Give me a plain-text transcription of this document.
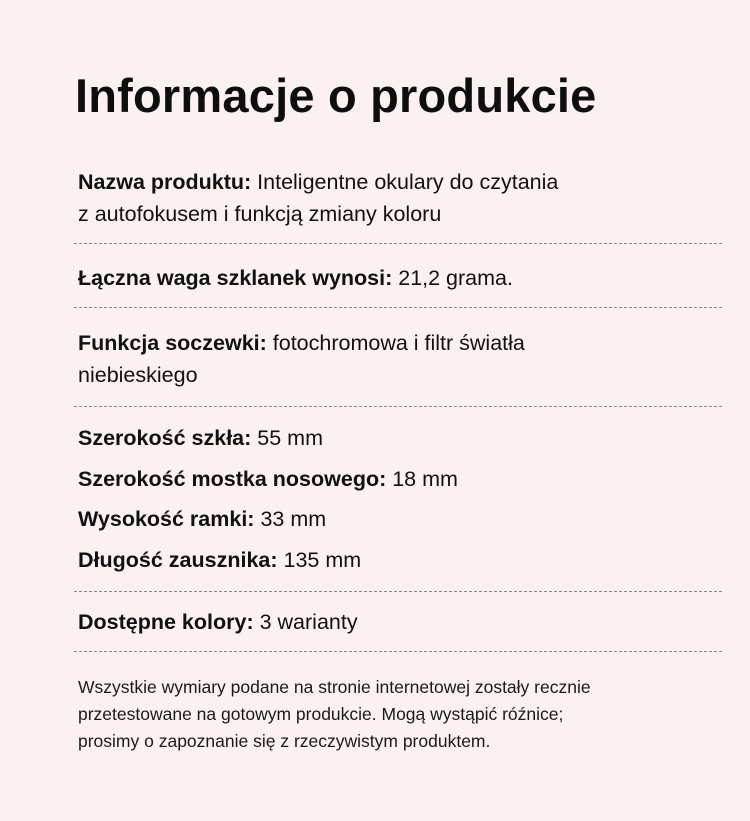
Informacje o produkcie
Nazwa produktu: Inteligentne okulary do czytania
z autofokusem i funkcją zmiany koloru
Łączna waga szklanek wynosi: 21,2 grama.
Funkcja soczewki: fotochromowa i filtr światła
niebieskiego
Szerokość szkła: 55 mm
Szerokość mostka nosowego: 18 mm
Wysokość ramki: 33 mm
Długość zausznika: 135 mm
Dostępne kolory: 3 warianty
Wszystkie wymiary podane na stronie internetowej zostały recznie
przetestowane na gotowym produkcie. Mogą wystąpić róźnice;
prosimy o zapoznanie się z rzeczywistym produktem.
